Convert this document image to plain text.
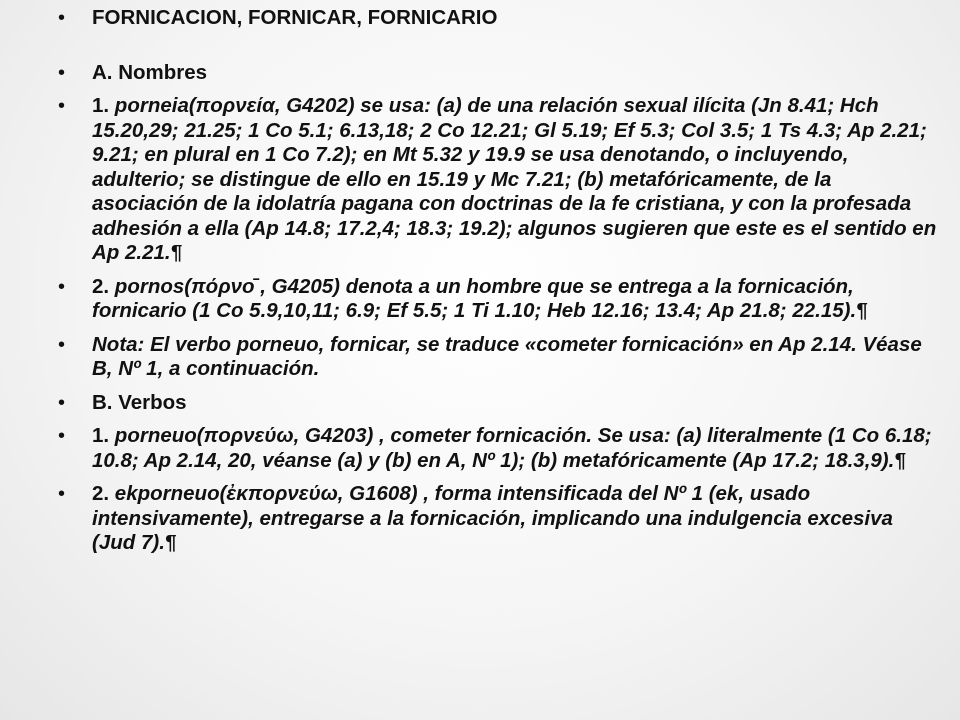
• FORNICACION, FORNICAR, FORNICARIO
• A. Nombres
• 1. porneia(πορνεία, G4202) se usa: (a) de una relación sexual ilícita (Jn 8.41; Hch 15.20,29; 21.25; 1 Co 5.1; 6.13,18; 2 Co 12.21; Gl 5.19; Ef 5.3; Col 3.5; 1 Ts 4.3; Ap 2.21; 9.21; en plural en 1 Co 7.2); en Mt 5.32 y 19.9 se usa denotando, o incluyendo, adulterio; se distingue de ello en 15.19 y Mc 7.21; (b) metafóricamente, de la asociación de la idolatría pagana con doctrinas de la fe cristiana, y con la profesada adhesión a ella (Ap 14.8; 17.2,4; 18.3; 19.2); algunos sugieren que este es el sentido en Ap 2.21.¶
• 2. pornos(πόρνο̄ , G4205) denota a un hombre que se entrega a la fornicación, fornicario (1 Co 5.9,10,11; 6.9; Ef 5.5; 1 Ti 1.10; Heb 12.16; 13.4; Ap 21.8; 22.15).¶
• Nota: El verbo porneuo, fornicar, se traduce «cometer fornicación» en Ap 2.14. Véase B, Nº 1, a continuación.
• B. Verbos
• 1. porneuo(πορνεύω, G4203) , cometer fornicación. Se usa: (a) literalmente (1 Co 6.18; 10.8; Ap 2.14, 20, véanse (a) y (b) en A, Nº 1); (b) metafóricamente (Ap 17.2; 18.3,9).¶
• 2. ekporneuo(ἐκπορνεύω, G1608) , forma intensificada del Nº 1 (ek, usado intensivamente), entregarse a la fornicación, implicando una indulgencia excesiva (Jud 7).¶
